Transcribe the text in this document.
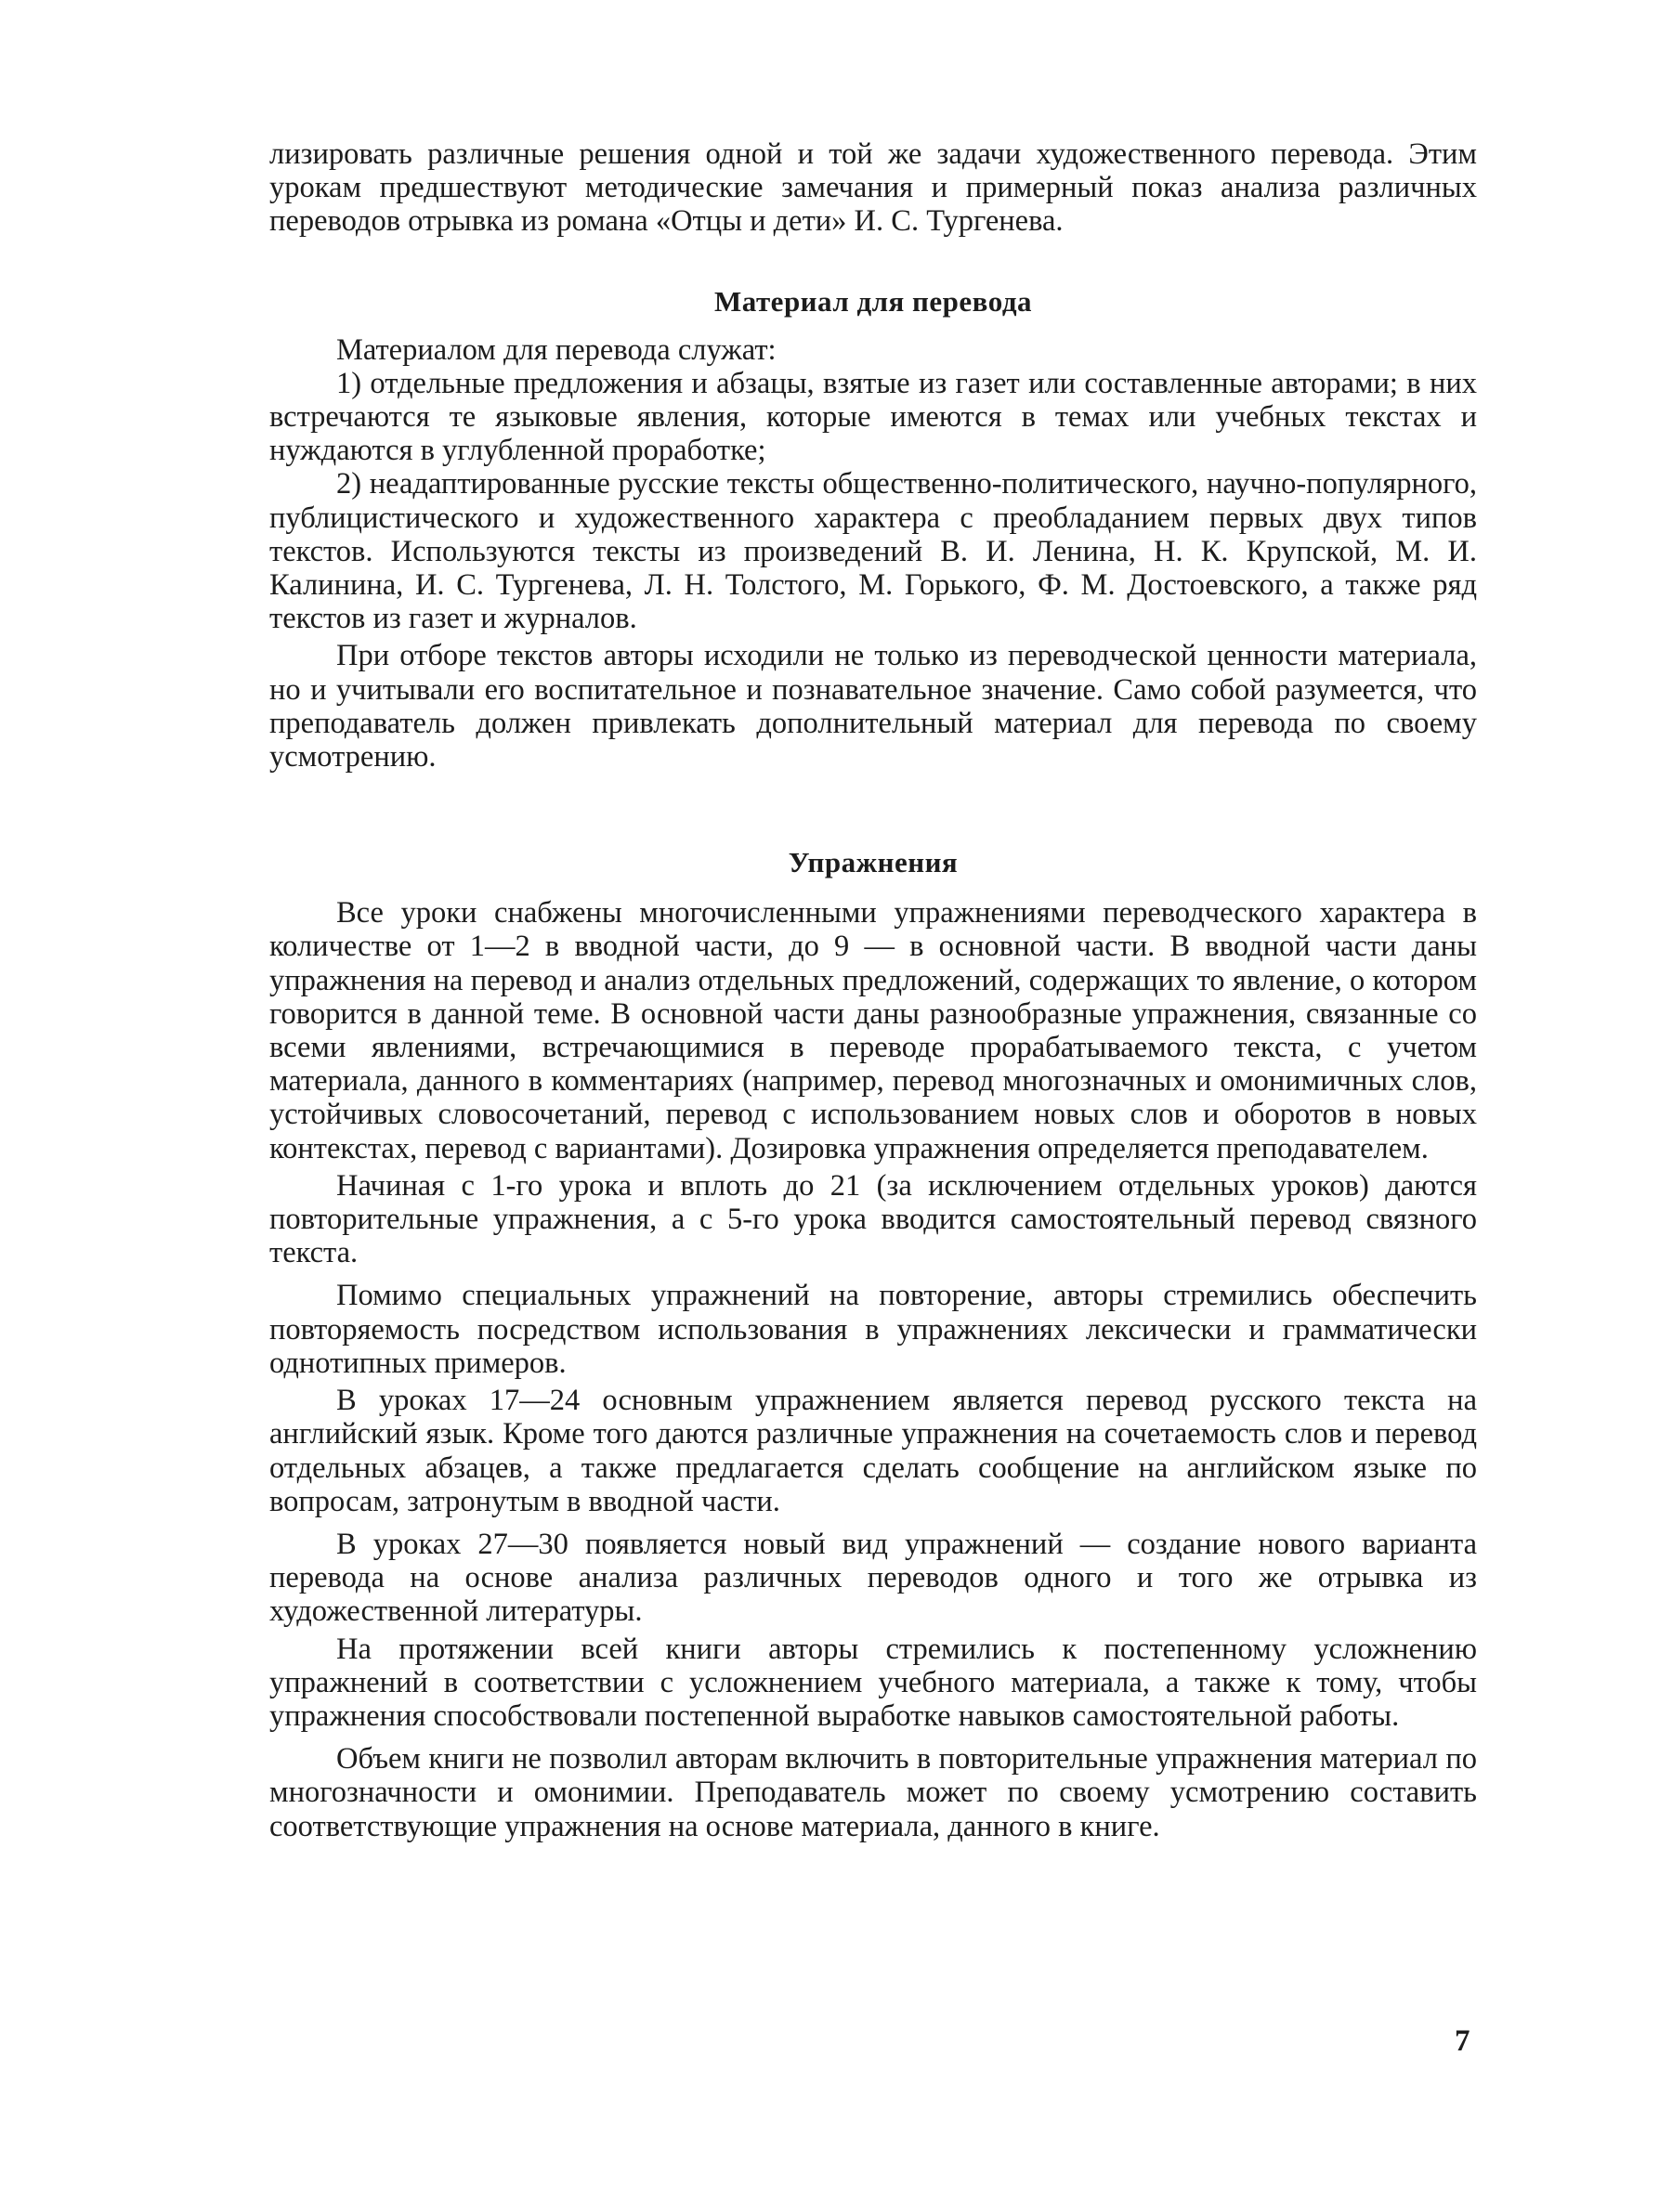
лизировать различные решения одной и той же задачи художественного перевода. Этим урокам предшествуют методические замечания и примерный показ анализа различных переводов отрывка из романа «Отцы и дети» И. С. Тургенева.

Материал для перевода

Материалом для перевода служат:

1) отдельные предложения и абзацы, взятые из газет или составленные авторами; в них встречаются те языковые явления, которые имеются в темах или учебных текстах и нуждаются в углубленной проработке;

2) неадаптированные русские тексты общественно-политического, научно-популярного, публицистического и художественного характера с преобладанием первых двух типов текстов. Используются тексты из произведений В. И. Ленина, Н. К. Крупской, М. И. Калинина, И. С. Тургенева, Л. Н. Толстого, М. Горького, Ф. М. Достоевского, а также ряд текстов из газет и журналов.

При отборе текстов авторы исходили не только из переводческой ценности материала, но и учитывали его воспитательное и познавательное значение. Само собой разумеется, что преподаватель должен привлекать дополнительный материал для перевода по своему усмотрению.

Упражнения

Все уроки снабжены многочисленными упражнениями переводческого характера в количестве от 1—2 в вводной части, до 9 — в основной части. В вводной части даны упражнения на перевод и анализ отдельных предложений, содержащих то явление, о котором говорится в данной теме. В основной части даны разнообразные упражнения, связанные со всеми явлениями, встречающимися в переводе прорабатываемого текста, с учетом материала, данного в комментариях (например, перевод многозначных и омонимичных слов, устойчивых словосочетаний, перевод с использованием новых слов и оборотов в новых контекстах, перевод с вариантами). Дозировка упражнения определяется преподавателем.

Начиная с 1-го урока и вплоть до 21 (за исключением отдельных уроков) даются повторительные упражнения, а с 5-го урока вводится самостоятельный перевод связного текста.

Помимо специальных упражнений на повторение, авторы стремились обеспечить повторяемость посредством использования в упражнениях лексически и грамматически однотипных примеров.

В уроках 17—24 основным упражнением является перевод русского текста на английский язык. Кроме того даются различные упражнения на сочетаемость слов и перевод отдельных абзацев, а также предлагается сделать сообщение на английском языке по вопросам, затронутым в вводной части.

В уроках 27—30 появляется новый вид упражнений — создание нового варианта перевода на основе анализа различных переводов одного и того же отрывка из художественной литературы.

На протяжении всей книги авторы стремились к постепенному усложнению упражнений в соответствии с усложнением учебного материала, а также к тому, чтобы упражнения способствовали постепенной выработке навыков самостоятельной работы.

Объем книги не позволил авторам включить в повторительные упражнения материал по многозначности и омонимии. Преподаватель может по своему усмотрению составить соответствующие упражнения на основе материала, данного в книге.

7
